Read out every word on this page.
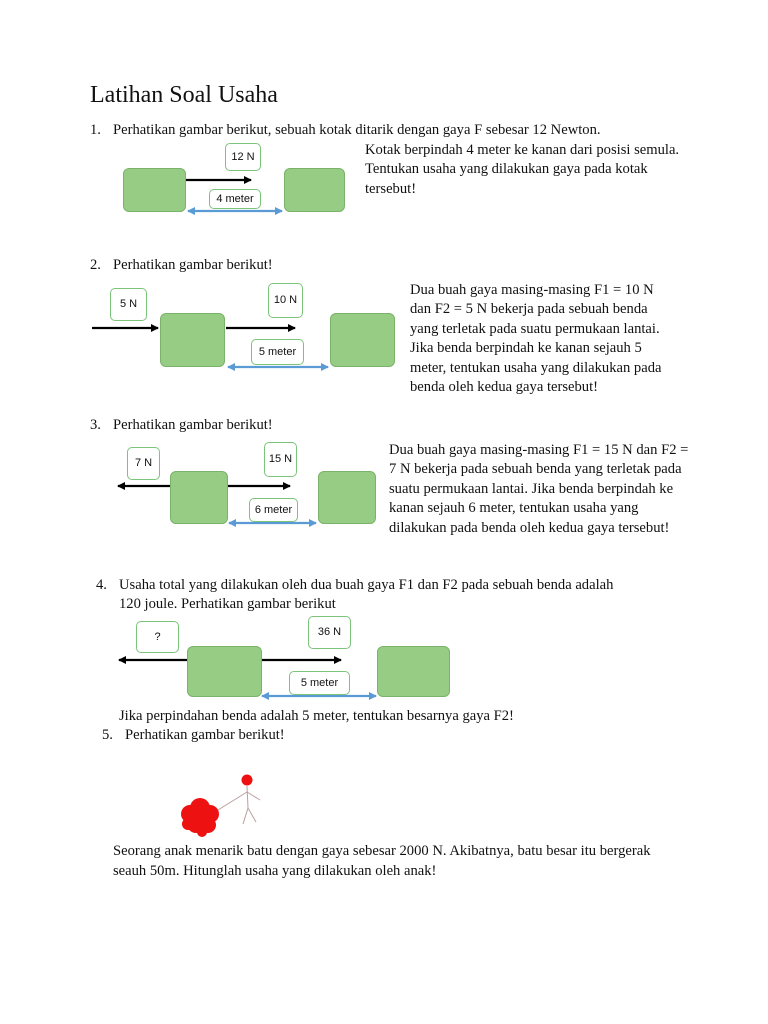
Latihan Soal Usaha
1. Perhatikan gambar berikut, sebuah kotak ditarik dengan gaya F sebesar 12 Newton.
Kotak berpindah 4 meter ke kanan dari posisi semula. Tentukan usaha yang dilakukan gaya pada kotak tersebut!
12 N
4 meter
2. Perhatikan gambar berikut!
Dua buah gaya masing-masing F1 = 10 N dan F2 = 5 N bekerja pada sebuah benda yang terletak pada suatu permukaan lantai. Jika benda berpindah ke kanan sejauh 5 meter, tentukan usaha yang dilakukan pada benda oleh kedua gaya tersebut!
5 N	10 N
5 meter
3. Perhatikan gambar berikut!
Dua buah gaya masing-masing F1 = 15 N dan F2 = 7 N bekerja pada sebuah benda yang terletak pada suatu permukaan lantai. Jika benda berpindah ke kanan sejauh 6 meter, tentukan usaha yang dilakukan pada benda oleh kedua gaya tersebut!
7 N	15 N
6 meter
4. Usaha total yang dilakukan oleh dua buah gaya F1 dan F2 pada sebuah benda adalah
120 joule. Perhatikan gambar berikut
?	36 N
5 meter
Jika perpindahan benda adalah 5 meter, tentukan besarnya gaya F2!
5. Perhatikan gambar berikut!
Seorang anak menarik batu dengan gaya sebesar 2000 N. Akibatnya, batu besar itu bergerak
seauh 50m. Hitunglah usaha yang dilakukan oleh anak!
